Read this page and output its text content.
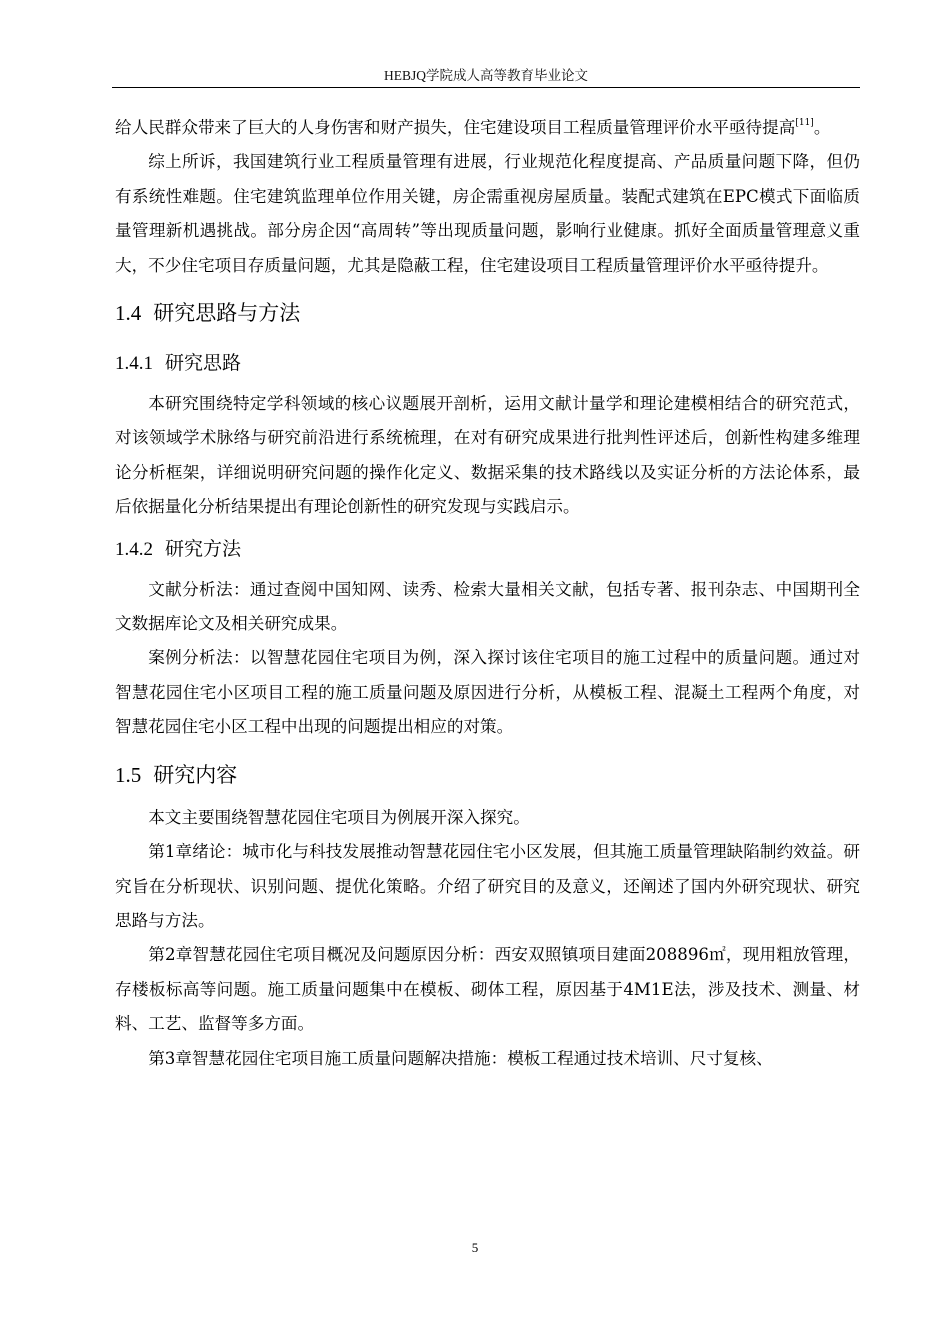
HEBJQ学院成人高等教育毕业论文

给人民群众带来了巨大的人身伤害和财产损失，住宅建设项目工程质量管理评价水平亟待提高[11]。

综上所诉，我国建筑行业工程质量管理有进展，行业规范化程度提高、产品质量问题下降，但仍有系统性难题。住宅建筑监理单位作用关键，房企需重视房屋质量。装配式建筑在EPC模式下面临质量管理新机遇挑战。部分房企因“高周转”等出现质量问题，影响行业健康。抓好全面质量管理意义重大，不少住宅项目存质量问题，尤其是隐蔽工程，住宅建设项目工程质量管理评价水平亟待提升。

1.4 研究思路与方法
1.4.1 研究思路

本研究围绕特定学科领域的核心议题展开剖析，运用文献计量学和理论建模相结合的研究范式，对该领域学术脉络与研究前沿进行系统梳理，在对有研究成果进行批判性评述后，创新性构建多维理论分析框架，详细说明研究问题的操作化定义、数据采集的技术路线以及实证分析的方法论体系，最后依据量化分析结果提出有理论创新性的研究发现与实践启示。

1.4.2 研究方法

文献分析法：通过查阅中国知网、读秀、检索大量相关文献，包括专著、报刊杂志、中国期刊全文数据库论文及相关研究成果。

案例分析法：以智慧花园住宅项目为例，深入探讨该住宅项目的施工过程中的质量问题。通过对智慧花园住宅小区项目工程的施工质量问题及原因进行分析，从模板工程、混凝土工程两个角度，对智慧花园住宅小区工程中出现的问题提出相应的对策。

1.5 研究内容

本文主要围绕智慧花园住宅项目为例展开深入探究。

第1章绪论：城市化与科技发展推动智慧花园住宅小区发展，但其施工质量管理缺陷制约效益。研究旨在分析现状、识别问题、提优化策略。介绍了研究目的及意义，还阐述了国内外研究现状、研究思路与方法。

第2章智慧花园住宅项目概况及问题原因分析：西安双照镇项目建面208896㎡，现用粗放管理，存楼板标高等问题。施工质量问题集中在模板、砌体工程，原因基于4M1E法，涉及技术、测量、材料、工艺、监督等多方面。

第3章智慧花园住宅项目施工质量问题解决措施：模板工程通过技术培训、尺寸复核、

5
